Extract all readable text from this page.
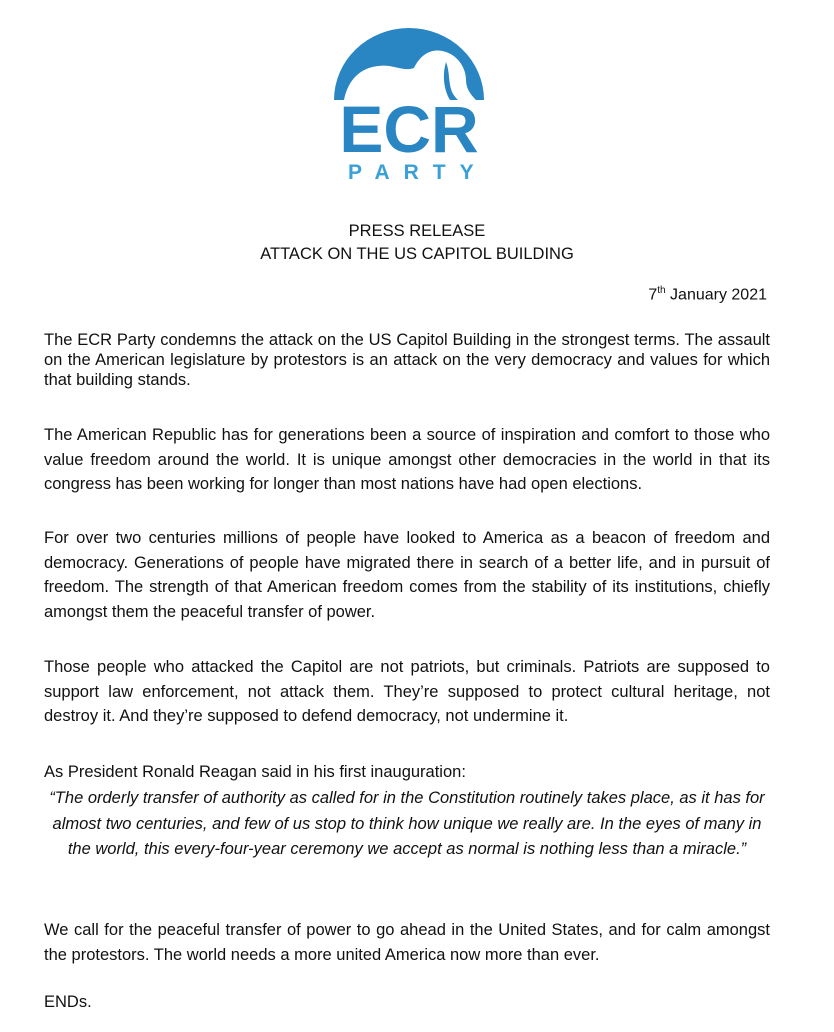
ECR
PARTY
PRESS RELEASE
ATTACK ON THE US CAPITOL BUILDING
7th January 2021

The ECR Party condemns the attack on the US Capitol Building in the strongest terms. The assault on the American legislature by protestors is an attack on the very democracy and values for which that building stands.

The American Republic has for generations been a source of inspiration and comfort to those who value freedom around the world. It is unique amongst other democracies in the world in that its congress has been working for longer than most nations have had open elections.

For over two centuries millions of people have looked to America as a beacon of freedom and democracy. Generations of people have migrated there in search of a better life, and in pursuit of freedom. The strength of that American freedom comes from the stability of its institutions, chiefly amongst them the peaceful transfer of power.

Those people who attacked the Capitol are not patriots, but criminals. Patriots are supposed to support law enforcement, not attack them. They’re supposed to protect cultural heritage, not destroy it. And they’re supposed to defend democracy, not undermine it.

As President Ronald Reagan said in his first inauguration:

“The orderly transfer of authority as called for in the Constitution routinely takes place, as it has for almost two centuries, and few of us stop to think how unique we really are. In the eyes of many in the world, this every-four-year ceremony we accept as normal is nothing less than a miracle.”

We call for the peaceful transfer of power to go ahead in the United States, and for calm amongst the protestors. The world needs a more united America now more than ever.

ENDs.
